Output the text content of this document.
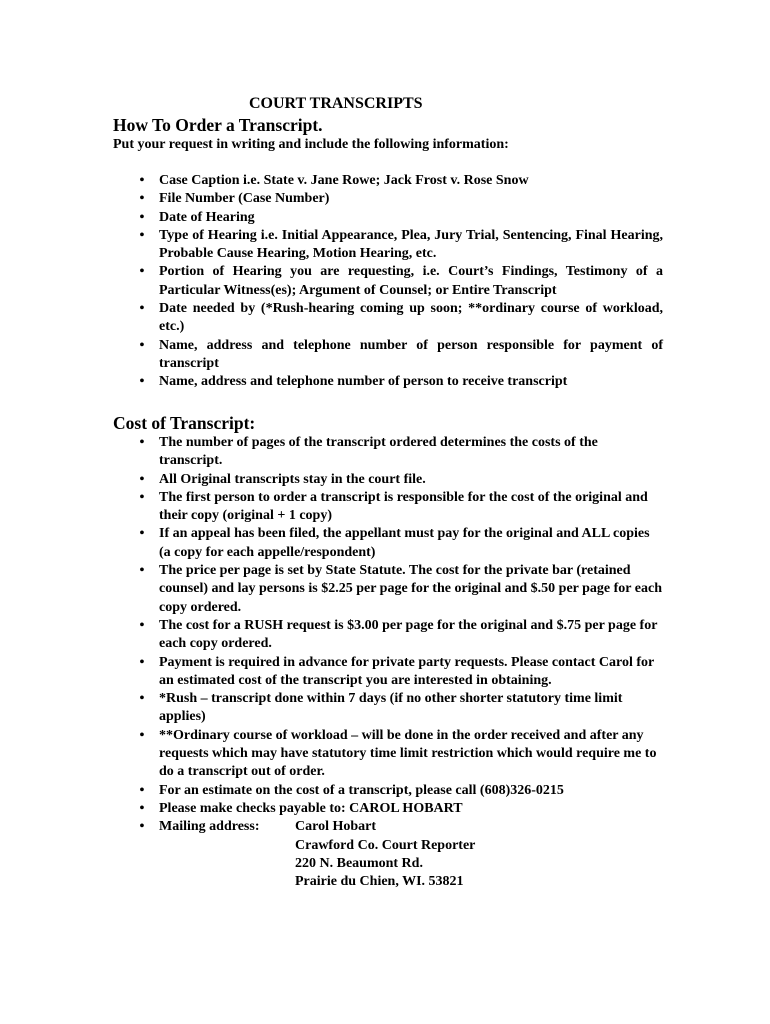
COURT TRANSCRIPTS
How To Order a Transcript.
Put your request in writing and include the following information:
• Case Caption i.e. State v. Jane Rowe; Jack Frost v. Rose Snow
• File Number (Case Number)
• Date of Hearing
• Type of Hearing i.e. Initial Appearance, Plea, Jury Trial, Sentencing, Final Hearing, Probable Cause Hearing, Motion Hearing, etc.
• Portion of Hearing you are requesting, i.e. Court’s Findings, Testimony of a Particular Witness(es); Argument of Counsel; or Entire Transcript
• Date needed by (*Rush-hearing coming up soon; **ordinary course of workload, etc.)
• Name, address and telephone number of person responsible for payment of transcript
• Name, address and telephone number of person to receive transcript
Cost of Transcript:
• The number of pages of the transcript ordered determines the costs of the transcript.
• All Original transcripts stay in the court file.
• The first person to order a transcript is responsible for the cost of the original and their copy (original + 1 copy)
• If an appeal has been filed, the appellant must pay for the original and ALL copies (a copy for each appelle/respondent)
• The price per page is set by State Statute. The cost for the private bar (retained counsel) and lay persons is $2.25 per page for the original and $.50 per page for each copy ordered.
• The cost for a RUSH request is $3.00 per page for the original and $.75 per page for each copy ordered.
• Payment is required in advance for private party requests. Please contact Carol for an estimated cost of the transcript you are interested in obtaining.
• *Rush – transcript done within 7 days (if no other shorter statutory time limit applies)
• **Ordinary course of workload – will be done in the order received and after any requests which may have statutory time limit restriction which would require me to do a transcript out of order.
• For an estimate on the cost of a transcript, please call (608)326-0215
• Please make checks payable to: CAROL HOBART
• Mailing address:	Carol Hobart
Crawford Co. Court Reporter
220 N. Beaumont Rd.
Prairie du Chien, WI. 53821
